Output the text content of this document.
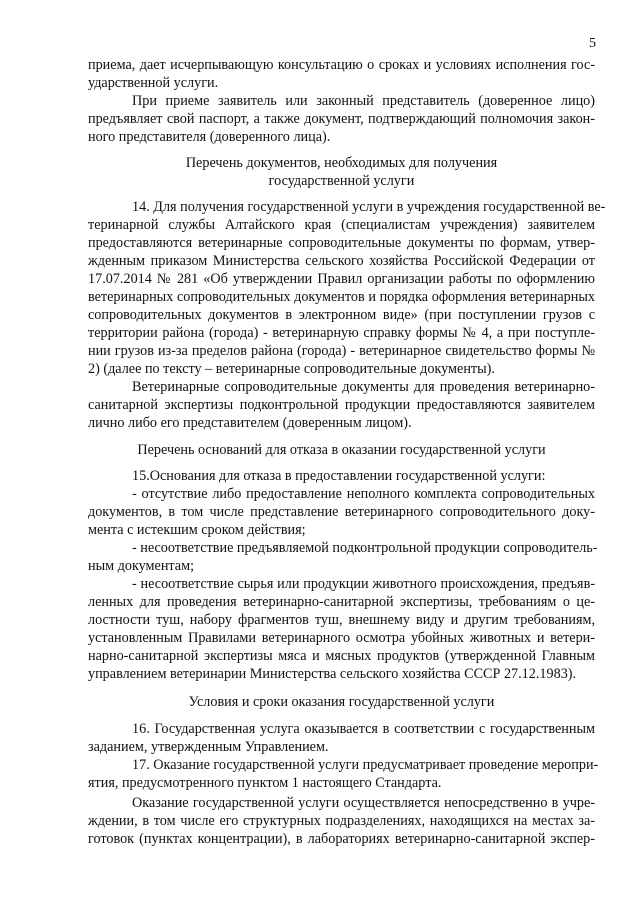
5
приема, дает исчерпывающую консультацию о сроках и условиях исполнения гос-
ударственной услуги.
При приеме заявитель или законный представитель (доверенное лицо)
предъявляет свой паспорт, а также документ, подтверждающий полномочия закон-
ного представителя (доверенного лица).
Перечень документов, необходимых для получения
государственной услуги
14. Для получения государственной услуги в учреждения государственной ве-
теринарной службы Алтайского края (специалистам учреждения) заявителем
предоставляются ветеринарные сопроводительные документы по формам, утвер-
жденным приказом Министерства сельского хозяйства Российской Федерации от
17.07.2014 № 281 «Об утверждении Правил организации работы по оформлению
ветеринарных сопроводительных документов и порядка оформления ветеринарных
сопроводительных документов в электронном виде» (при поступлении грузов с
территории района (города) - ветеринарную справку формы № 4, а при поступле-
нии грузов из-за пределов района (города) - ветеринарное свидетельство формы №
2) (далее по тексту – ветеринарные сопроводительные документы).
Ветеринарные сопроводительные документы для проведения ветеринарно-
санитарной экспертизы подконтрольной продукции предоставляются заявителем
лично либо его представителем (доверенным лицом).
Перечень оснований для отказа в оказании государственной услуги
15.Основания для отказа в предоставлении государственной услуги:
- отсутствие либо предоставление неполного комплекта сопроводительных
документов, в том числе представление ветеринарного сопроводительного доку-
мента с истекшим сроком действия;
- несоответствие предъявляемой подконтрольной продукции сопроводитель-
ным документам;
- несоответствие сырья или продукции животного происхождения, предъяв-
ленных для проведения ветеринарно-санитарной экспертизы, требованиям о це-
лостности туш, набору фрагментов туш, внешнему виду и другим требованиям,
установленным Правилами ветеринарного осмотра убойных животных и ветери-
нарно-санитарной экспертизы мяса и мясных продуктов (утвержденной Главным
управлением ветеринарии Министерства сельского хозяйства СССР 27.12.1983).
Условия и сроки оказания государственной услуги
16. Государственная услуга оказывается в соответствии с государственным
заданием, утвержденным Управлением.
17. Оказание государственной услуги предусматривает проведение меропри-
ятия, предусмотренного пунктом 1 настоящего Стандарта.
Оказание государственной услуги осуществляется непосредственно в учре-
ждении, в том числе его структурных подразделениях, находящихся на местах за-
готовок (пунктах концентрации), в лабораториях ветеринарно-санитарной экспер-
